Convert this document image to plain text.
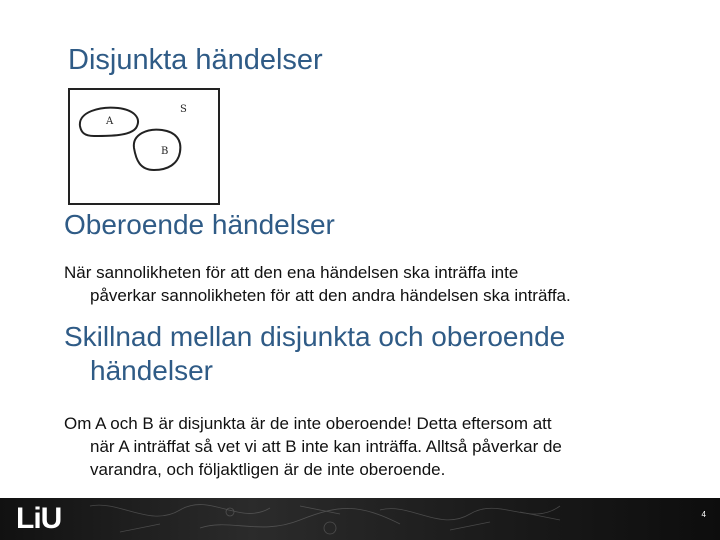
Disjunkta händelser
S
A
B
Oberoende händelser

När sannolikheten för att den ena händelsen ska inträffa inte
påverkar sannolikheten för att den andra händelsen ska inträffa.

Skillnad mellan disjunkta och oberoende
händelser

Om A och B är disjunkta är de inte oberoende! Detta eftersom att
när A inträffat så vet vi att B inte kan inträffa. Alltså påverkar de
varandra, och följaktligen är de inte oberoende.

LiU	4
